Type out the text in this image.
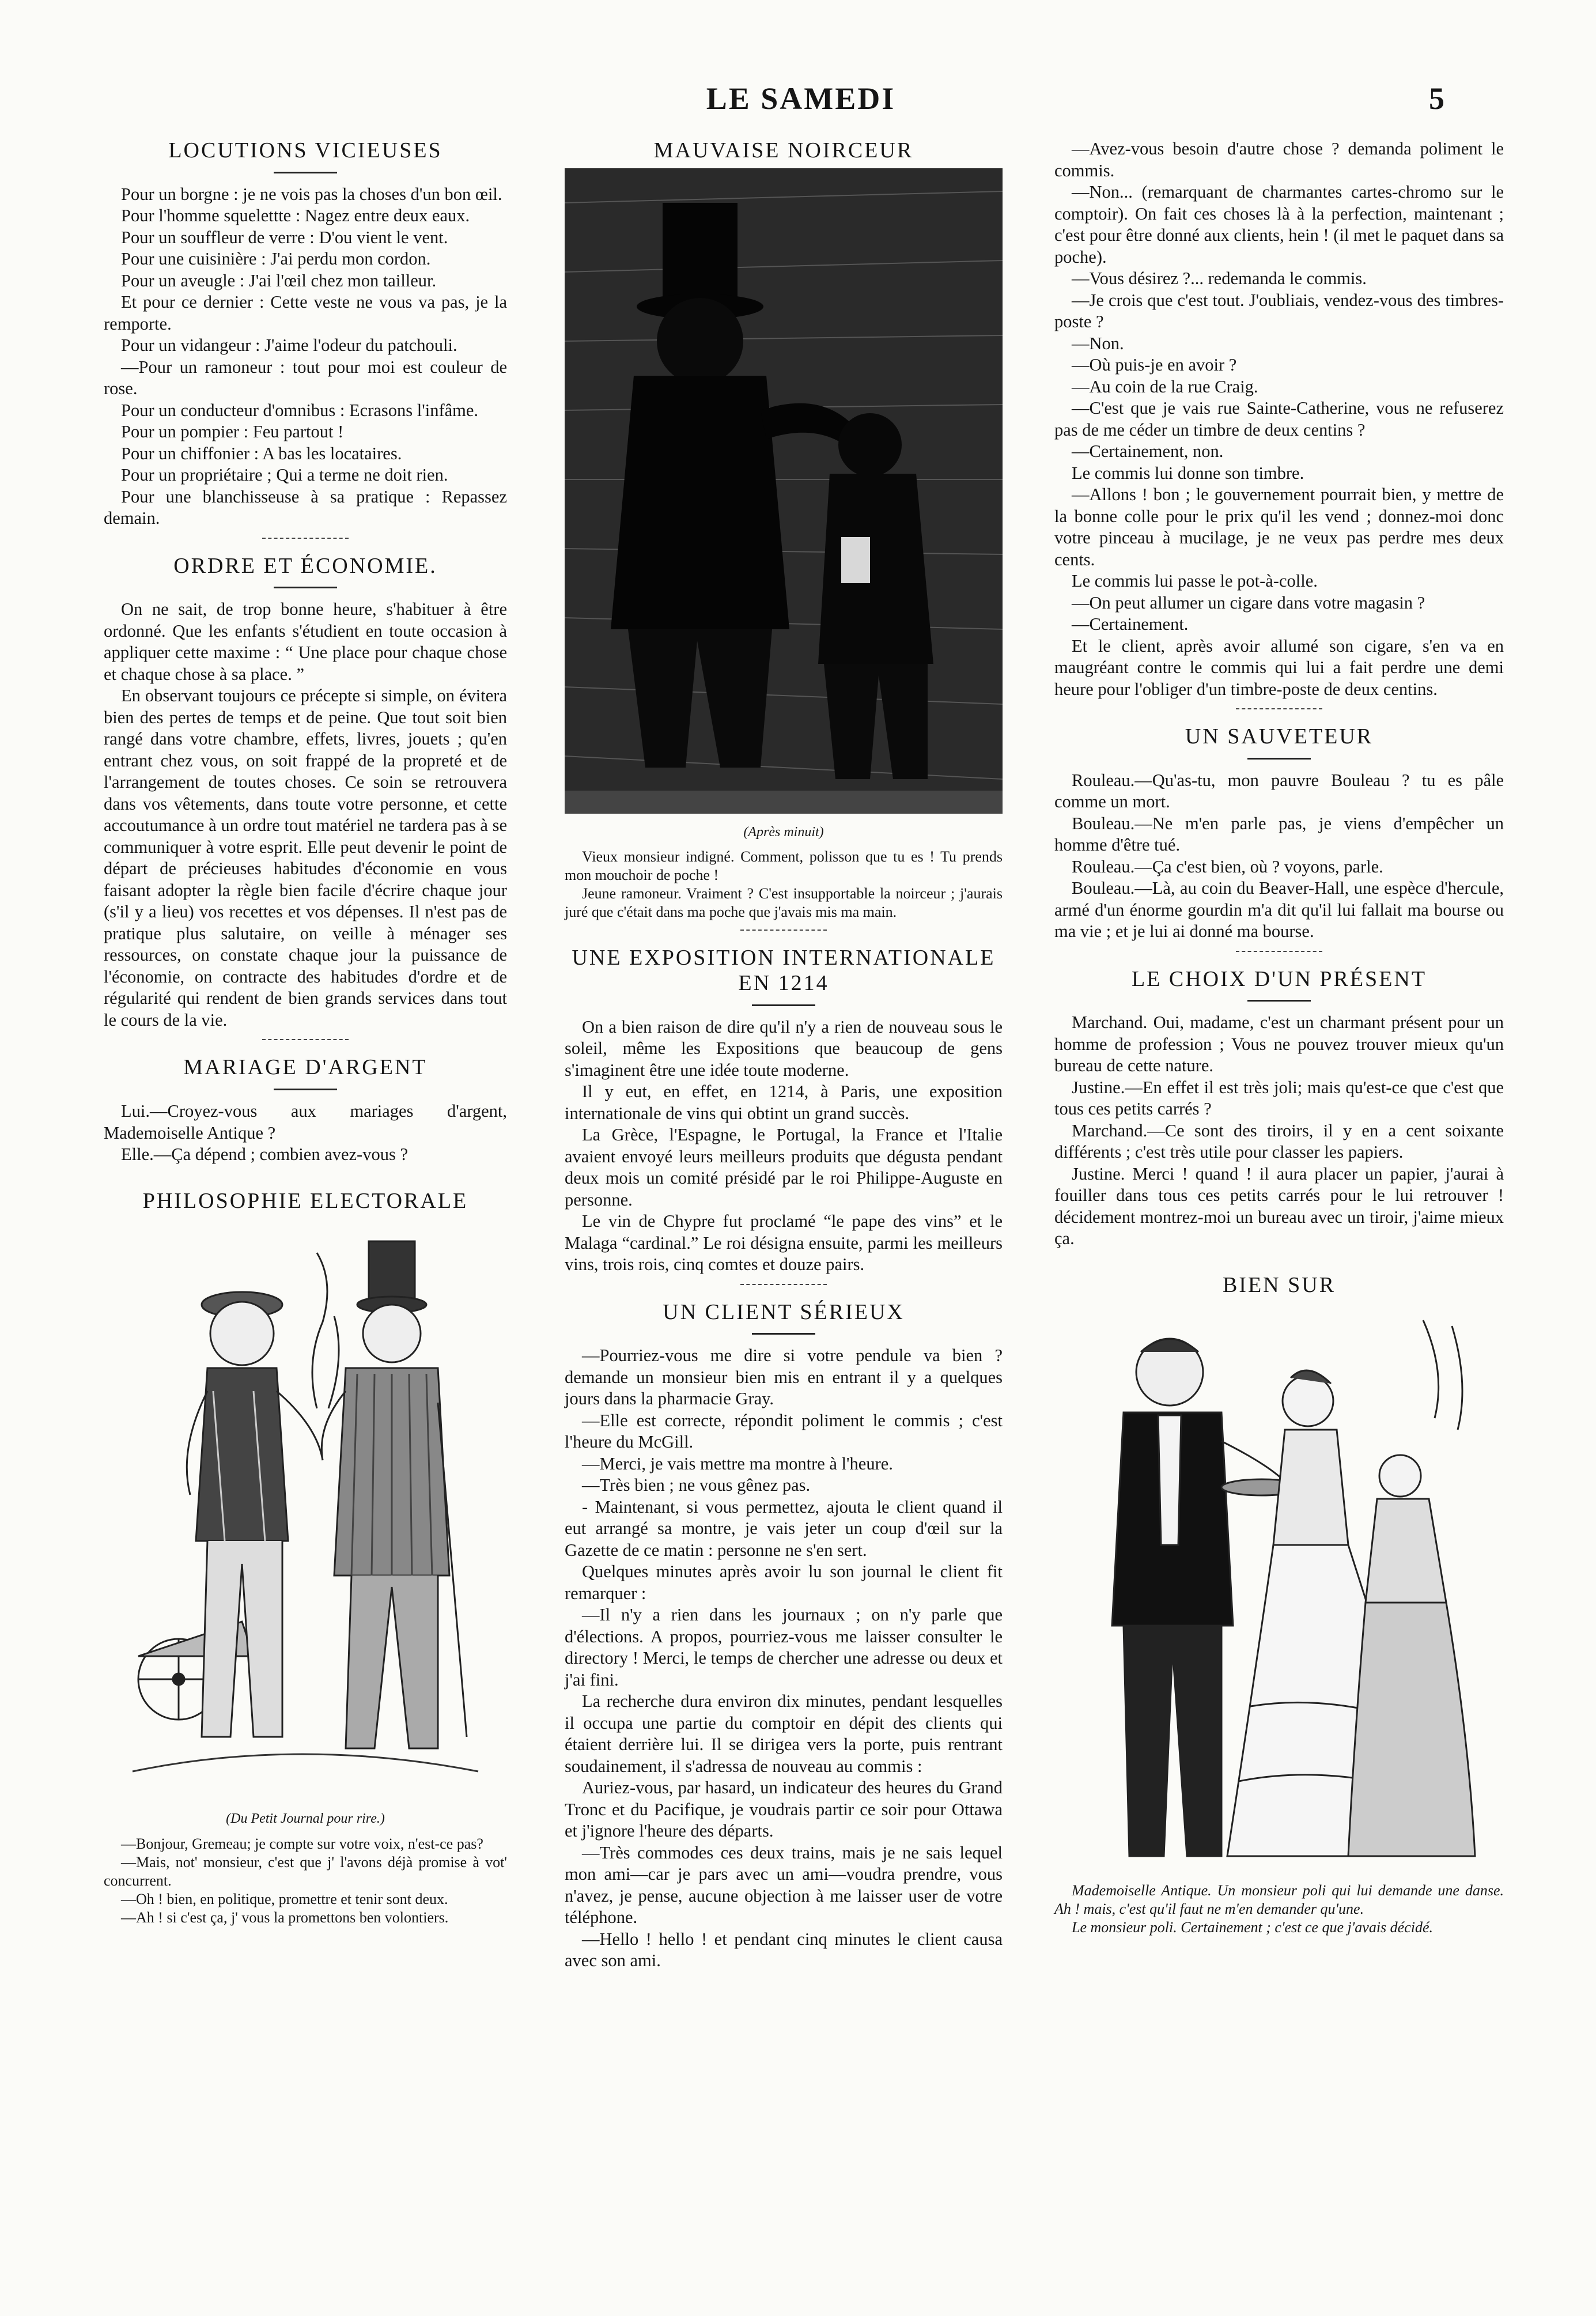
LE SAMEDI	5
LOCUTIONS VICIEUSES

Pour un borgne : je ne vois pas la choses d'un bon œil.

Pour l'homme squelettte : Nagez entre deux eaux.

Pour un souffleur de verre : D'ou vient le vent.

Pour une cuisinière : J'ai perdu mon cordon.

Pour un aveugle : J'ai l'œil chez mon tailleur.

Et pour ce dernier : Cette veste ne vous va pas, je la remporte.

Pour un vidangeur : J'aime l'odeur du patchouli.

—Pour un ramoneur : tout pour moi est couleur de rose.

Pour un conducteur d'omnibus : Ecrasons l'infâme.

Pour un pompier : Feu partout !

Pour un chiffonier : A bas les locataires.

Pour un propriétaire ; Qui a terme ne doit rien.

Pour une blanchisseuse à sa pratique : Repassez demain.

ORDRE ET ÉCONOMIE.

On ne sait, de trop bonne heure, s'habituer à être ordonné. Que les enfants s'étudient en toute occasion à appliquer cette maxime : “ Une place pour chaque chose et chaque chose à sa place. ”

En observant toujours ce précepte si simple, on évitera bien des pertes de temps et de peine. Que tout soit bien rangé dans votre chambre, effets, livres, jouets ; qu'en entrant chez vous, on soit frappé de la propreté et de l'arrangement de toutes choses. Ce soin se retrouvera dans vos vêtements, dans toute votre personne, et cette accoutumance à un ordre tout matériel ne tardera pas à se communiquer à votre esprit. Elle peut devenir le point de départ de précieuses habitudes d'économie en vous faisant adopter la règle bien facile d'écrire chaque jour (s'il y a lieu) vos recettes et vos dépenses. Il n'est pas de pratique plus salutaire, on veille à ménager ses ressources, on constate chaque jour la puissance de l'économie, on contracte des habitudes d'ordre et de régularité qui rendent de bien grands services dans tout le cours de la vie.

MARIAGE D'ARGENT

Lui.—Croyez-vous aux mariages d'argent, Mademoiselle Antique ?

Elle.—Ça dépend ; combien avez-vous ?

PHILOSOPHIE ELECTORALE

(Du Petit Journal pour rire.)

—Bonjour, Gremeau; je compte sur votre voix, n'est-ce pas?

—Mais, not' monsieur, c'est que j' l'avons déjà promise à vot' concurrent.

—Oh ! bien, en politique, promettre et tenir sont deux.

—Ah ! si c'est ça, j' vous la promettons ben volontiers.

MAUVAISE NOIRCEUR

(Après minuit)

Vieux monsieur indigné. Comment, polisson que tu es ! Tu prends mon mouchoir de poche !

Jeune ramoneur. Vraiment ? C'est insupportable la noirceur ; j'aurais juré que c'était dans ma poche que j'avais mis ma main.

UNE EXPOSITION INTERNATIONALE EN 1214

On a bien raison de dire qu'il n'y a rien de nouveau sous le soleil, même les Expositions que beaucoup de gens s'imaginent être une idée toute moderne.

Il y eut, en effet, en 1214, à Paris, une exposition internationale de vins qui obtint un grand succès.

La Grèce, l'Espagne, le Portugal, la France et l'Italie avaient envoyé leurs meilleurs produits que dégusta pendant deux mois un comité présidé par le roi Philippe-Auguste en personne.

Le vin de Chypre fut proclamé “le pape des vins” et le Malaga “cardinal.” Le roi désigna ensuite, parmi les meilleurs vins, trois rois, cinq comtes et douze pairs.

UN CLIENT SÉRIEUX

—Pourriez-vous me dire si votre pendule va bien ? demande un monsieur bien mis en entrant il y a quelques jours dans la pharmacie Gray.

—Elle est correcte, répondit poliment le commis ; c'est l'heure du McGill.

—Merci, je vais mettre ma montre à l'heure.

—Très bien ; ne vous gênez pas.

- Maintenant, si vous permettez, ajouta le client quand il eut arrangé sa montre, je vais jeter un coup d'œil sur la Gazette de ce matin : personne ne s'en sert.

Quelques minutes après avoir lu son journal le client fit remarquer :

—Il n'y a rien dans les journaux ; on n'y parle que d'élections. A propos, pourriez-vous me laisser consulter le directory ! Merci, le temps de chercher une adresse ou deux et j'ai fini.

La recherche dura environ dix minutes, pendant lesquelles il occupa une partie du comptoir en dépit des clients qui étaient derrière lui. Il se dirigea vers la porte, puis rentrant soudainement, il s'adressa de nouveau au commis :

Auriez-vous, par hasard, un indicateur des heures du Grand Tronc et du Pacifique, je voudrais partir ce soir pour Ottawa et j'ignore l'heure des départs.

—Très commodes ces deux trains, mais je ne sais lequel mon ami—car je pars avec un ami—voudra prendre, vous n'avez, je pense, aucune objection à me laisser user de votre téléphone.

—Hello ! hello ! et pendant cinq minutes le client causa avec son ami.

—Avez-vous besoin d'autre chose ? demanda poliment le commis.

—Non... (remarquant de charmantes cartes-chromo sur le comptoir). On fait ces choses là à la perfection, maintenant ; c'est pour être donné aux clients, hein ! (il met le paquet dans sa poche).

—Vous désirez ?... redemanda le commis.

—Je crois que c'est tout. J'oubliais, vendez-vous des timbres-poste ?

—Non.

—Où puis-je en avoir ?

—Au coin de la rue Craig.

—C'est que je vais rue Sainte-Catherine, vous ne refuserez pas de me céder un timbre de deux centins ?

—Certainement, non.

Le commis lui donne son timbre.

—Allons ! bon ; le gouvernement pourrait bien, y mettre de la bonne colle pour le prix qu'il les vend ; donnez-moi donc votre pinceau à mucilage, je ne veux pas perdre mes deux cents.

Le commis lui passe le pot-à-colle.

—On peut allumer un cigare dans votre magasin ?

—Certainement.

Et le client, après avoir allumé son cigare, s'en va en maugréant contre le commis qui lui a fait perdre une demi heure pour l'obliger d'un timbre-poste de deux centins.

UN SAUVETEUR

Rouleau.—Qu'as-tu, mon pauvre Bouleau ? tu es pâle comme un mort.

Bouleau.—Ne m'en parle pas, je viens d'empêcher un homme d'être tué.

Rouleau.—Ça c'est bien, où ? voyons, parle.

Bouleau.—Là, au coin du Beaver-Hall, une espèce d'hercule, armé d'un énorme gourdin m'a dit qu'il lui fallait ma bourse ou ma vie ; et je lui ai donné ma bourse.

LE CHOIX D'UN PRÉSENT

Marchand. Oui, madame, c'est un charmant présent pour un homme de profession ; Vous ne pouvez trouver mieux qu'un bureau de cette nature.

Justine.—En effet il est très joli; mais qu'est-ce que c'est que tous ces petits carrés ?

Marchand.—Ce sont des tiroirs, il y en a cent soixante différents ; c'est très utile pour classer les papiers.

Justine. Merci ! quand ! il aura placer un papier, j'aurai à fouiller dans tous ces petits carrés pour le lui retrouver ! décidement montrez-moi un bureau avec un tiroir, j'aime mieux ça.

BIEN SUR

Mademoiselle Antique. Un monsieur poli qui lui demande une danse. Ah ! mais, c'est qu'il faut ne m'en demander qu'une.

Le monsieur poli. Certainement ; c'est ce que j'avais décidé.
